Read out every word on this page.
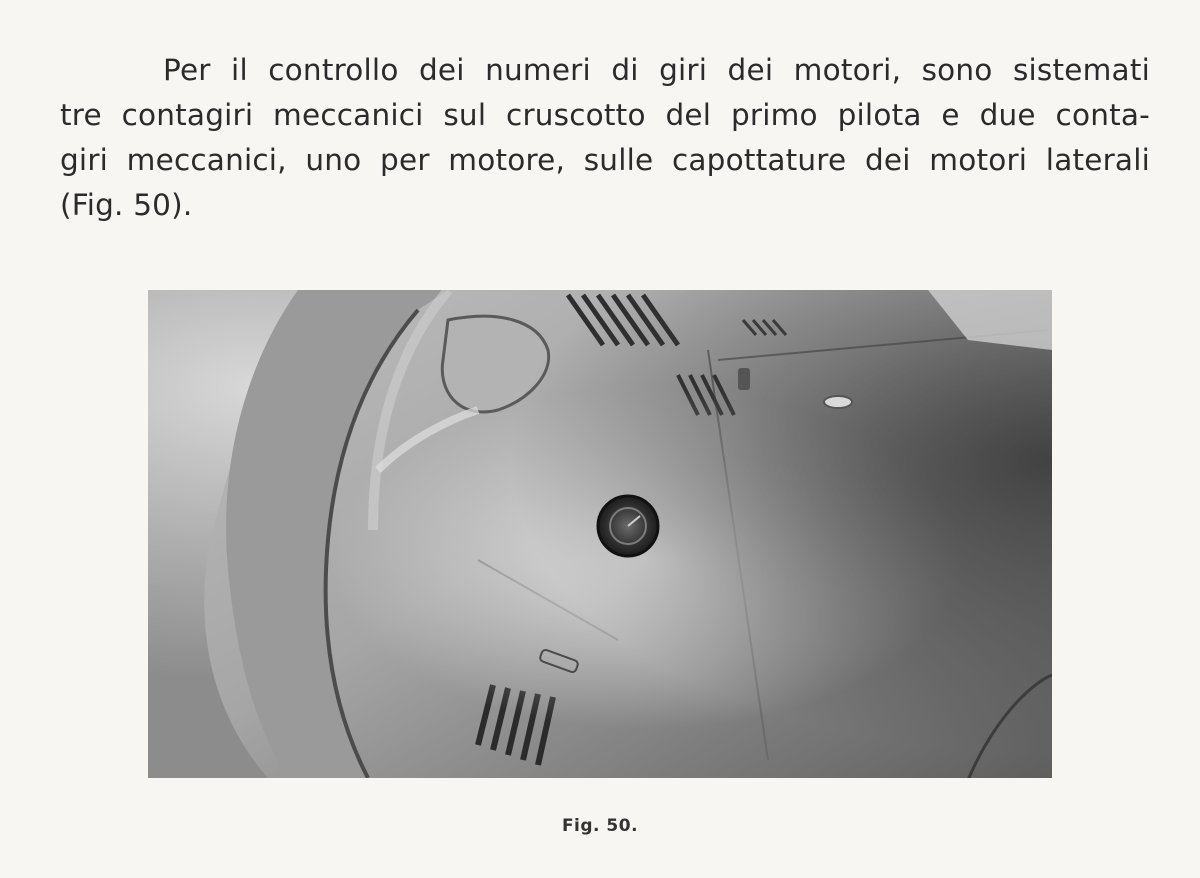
Per il controllo dei numeri di giri dei motori, sono sistemati
tre contagiri meccanici sul cruscotto del primo pilota e due conta-
giri meccanici, uno per motore, sulle capottature dei motori laterali
(Fig. 50).

Fig. 50.
